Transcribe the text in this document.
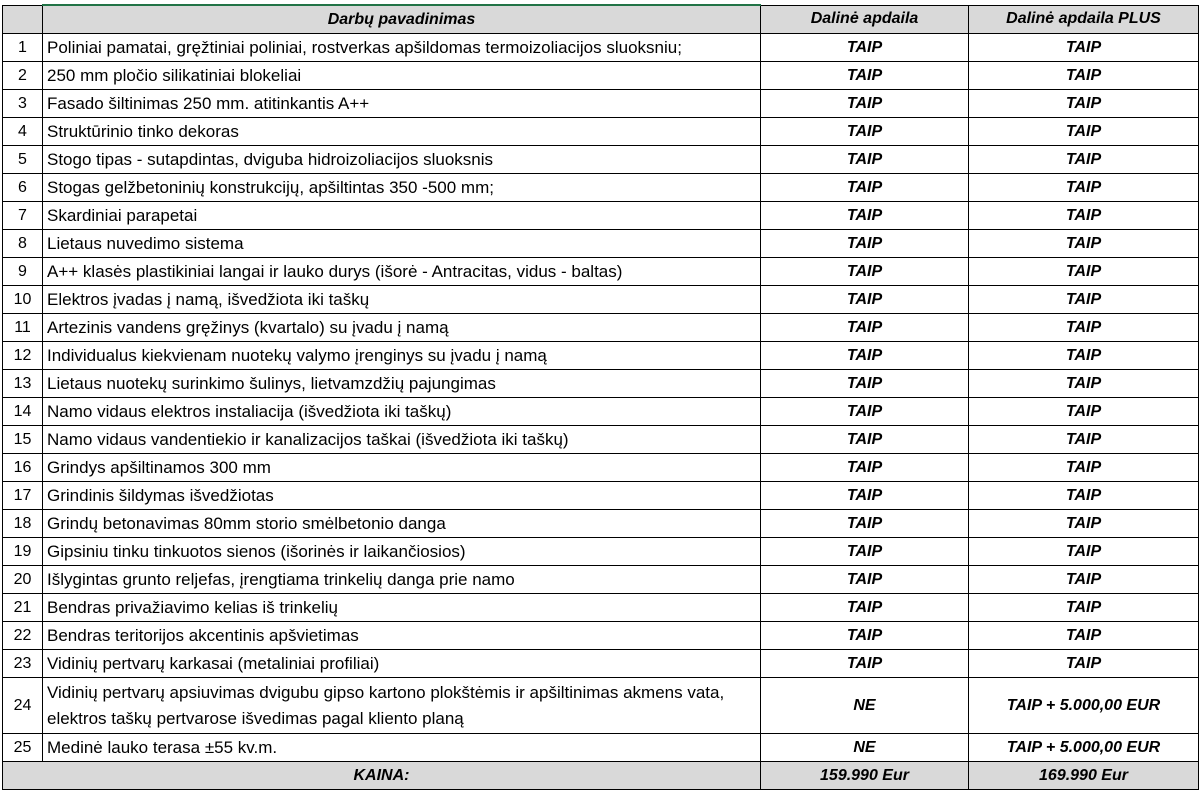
	Darbų pavadinimas	Dalinė apdaila	Dalinė apdaila PLUS
1	Poliniai pamatai, gręžtiniai poliniai, rostverkas apšildomas termoizoliacijos sluoksniu;	TAIP	TAIP
2	250 mm pločio silikatiniai blokeliai	TAIP	TAIP
3	Fasado šiltinimas 250 mm. atitinkantis A++	TAIP	TAIP
4	Struktūrinio tinko dekoras	TAIP	TAIP
5	Stogo tipas - sutapdintas, dviguba hidroizoliacijos sluoksnis	TAIP	TAIP
6	Stogas gelžbetoninių konstrukcijų, apšiltintas 350 -500 mm;	TAIP	TAIP
7	Skardiniai parapetai	TAIP	TAIP
8	Lietaus nuvedimo sistema	TAIP	TAIP
9	A++ klasės plastikiniai langai ir lauko durys (išorė - Antracitas, vidus - baltas)	TAIP	TAIP
10	Elektros įvadas į namą, išvedžiota iki taškų	TAIP	TAIP
11	Artezinis vandens gręžinys (kvartalo) su įvadu į namą	TAIP	TAIP
12	Individualus kiekvienam nuotekų valymo įrenginys su įvadu į namą	TAIP	TAIP
13	Lietaus nuotekų surinkimo šulinys, lietvamzdžių pajungimas	TAIP	TAIP
14	Namo vidaus elektros instaliacija (išvedžiota iki taškų)	TAIP	TAIP
15	Namo vidaus vandentiekio ir kanalizacijos taškai (išvedžiota iki taškų)	TAIP	TAIP
16	Grindys apšiltinamos 300 mm	TAIP	TAIP
17	Grindinis šildymas išvedžiotas	TAIP	TAIP
18	Grindų betonavimas 80mm storio smėlbetonio danga	TAIP	TAIP
19	Gipsiniu tinku tinkuotos sienos (išorinės ir laikančiosios)	TAIP	TAIP
20	Išlygintas grunto reljefas, įrengtiama trinkelių danga prie namo	TAIP	TAIP
21	Bendras privažiavimo kelias iš trinkelių	TAIP	TAIP
22	Bendras teritorijos akcentinis apšvietimas	TAIP	TAIP
23	Vidinių pertvarų karkasai (metaliniai profiliai)	TAIP	TAIP
24	Vidinių pertvarų apsiuvimas dvigubu gipso kartono plokštėmis ir apšiltinimas akmens vata, elektros taškų pertvarose išvedimas pagal kliento planą	NE	TAIP + 5.000,00 EUR
25	Medinė lauko terasa ±55 kv.m.	NE	TAIP + 5.000,00 EUR
KAINA:		159.990 Eur	169.990 Eur
